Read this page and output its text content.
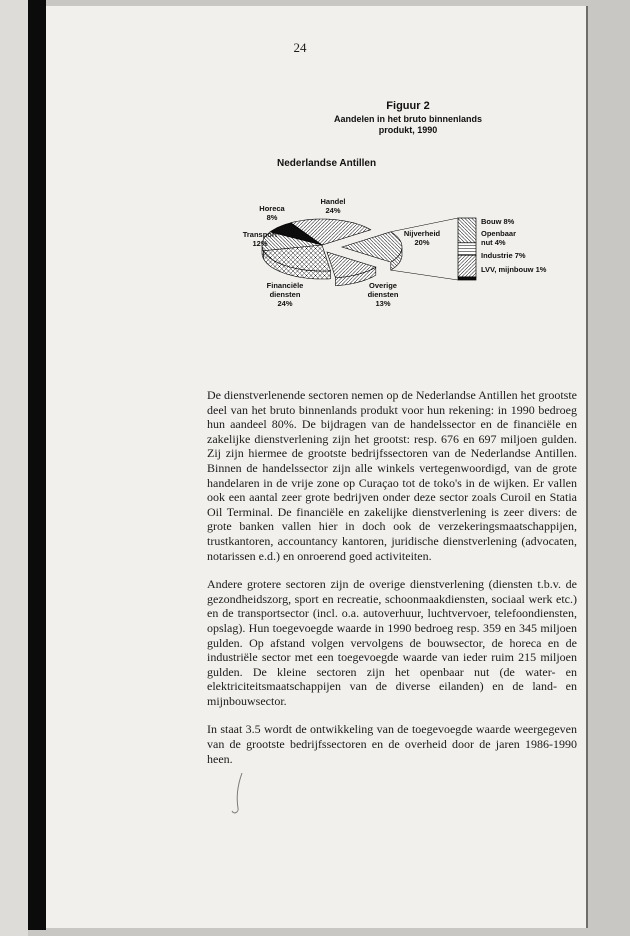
24
Figuur 2
Aandelen in het bruto binnenlands
produkt, 1990
Nederlandse Antillen
Handel
24%
Horeca
8%
Transport
12%
Financiële diensten
24%
Overige diensten
13%
Nijverheid
20%
Bouw 8%
Openbaar nut 4%
Industrie 7%
LVV, mijnbouw 1%

De dienstverlenende sectoren nemen op de Nederlandse Antillen het grootste deel van het bruto binnenlands produkt voor hun rekening: in 1990 bedroeg hun aandeel 80%. De bijdragen van de handelssector en de financiële en zakelijke dienstverlening zijn het grootst: resp. 676 en 697 miljoen gulden. Zij zijn hiermee de grootste bedrijfssectoren van de Nederlandse Antillen. Binnen de handelssector zijn alle winkels vertegenwoordigd, van de grote handelaren in de vrije zone op Curaçao tot de toko's in de wijken. Er vallen ook een aantal zeer grote bedrijven onder deze sector zoals Curoil en Statia Oil Terminal. De financiële en zakelijke dienstverlening is zeer divers: de grote banken vallen hier in doch ook de verzekeringsmaatschappijen, trustkantoren, accountancy kantoren, juridische dienstverlening (advocaten, notarissen e.d.) en onroerend goed activiteiten.

Andere grotere sectoren zijn de overige dienstverlening (diensten t.b.v. de gezondheidszorg, sport en recreatie, schoonmaakdiensten, sociaal werk etc.) en de transportsector (incl. o.a. autoverhuur, luchtvervoer, telefoondiensten, opslag). Hun toegevoegde waarde in 1990 bedroeg resp. 359 en 345 miljoen gulden. Op afstand volgen vervolgens de bouwsector, de horeca en de industriële sector met een toegevoegde waarde van ieder ruim 215 miljoen gulden. De kleine sectoren zijn het openbaar nut (de water- en elektriciteitsmaatschappijen van de diverse eilanden) en de land- en mijnbouwsector.

In staat 3.5 wordt de ontwikkeling van de toegevoegde waarde weergegeven van de grootste bedrijfssectoren en de overheid door de jaren 1986-1990 heen.
